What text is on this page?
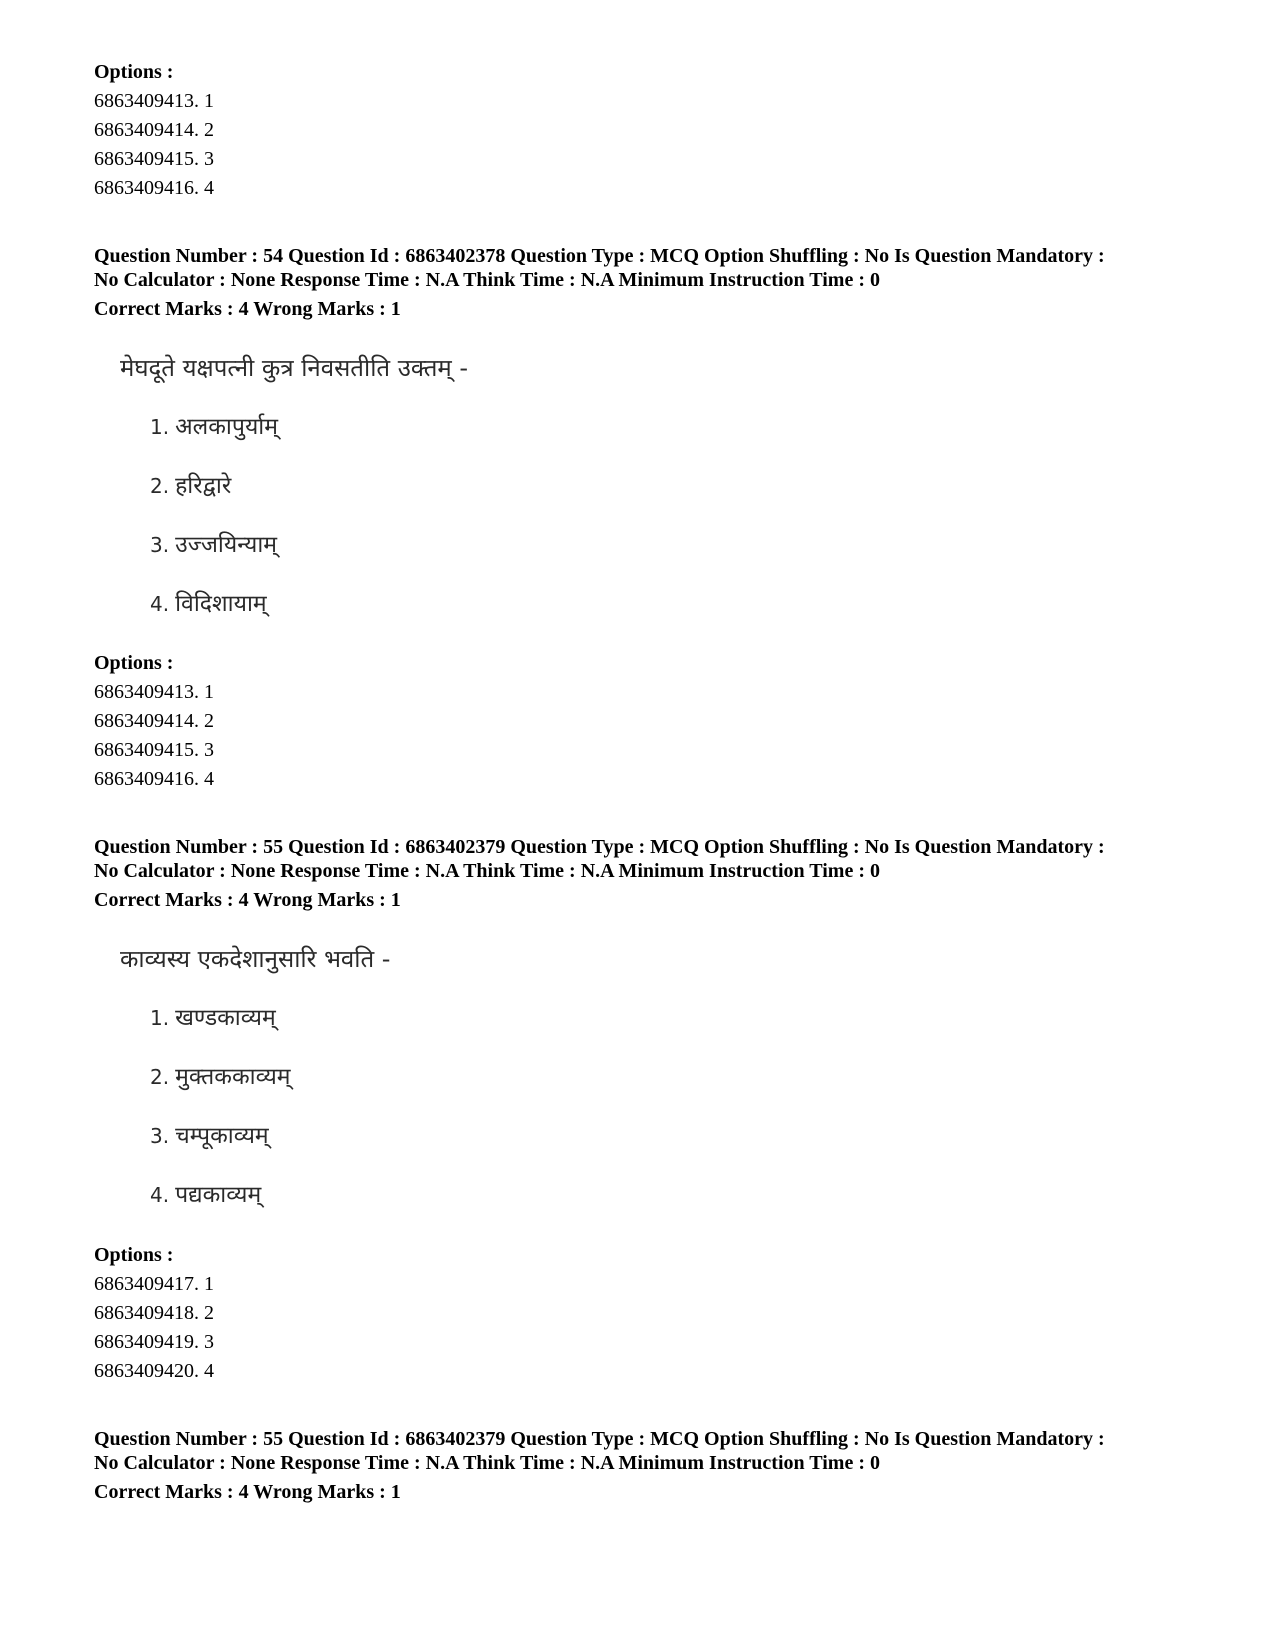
Options :
6863409413. 1
6863409414. 2
6863409415. 3
6863409416. 4
Question Number : 54 Question Id : 6863402378 Question Type : MCQ Option Shuffling : No Is Question Mandatory :
No Calculator : None Response Time : N.A Think Time : N.A Minimum Instruction Time : 0
Correct Marks : 4 Wrong Marks : 1
मेघदूते यक्षपत्नी कुत्र निवसतीति उक्तम् -
1. अलकापुर्याम्
2. हरिद्वारे
3. उज्जयिन्याम्
4. विदिशायाम्
Options :
6863409413. 1
6863409414. 2
6863409415. 3
6863409416. 4
Question Number : 55 Question Id : 6863402379 Question Type : MCQ Option Shuffling : No Is Question Mandatory :
No Calculator : None Response Time : N.A Think Time : N.A Minimum Instruction Time : 0
Correct Marks : 4 Wrong Marks : 1
काव्यस्य एकदेशानुसारि भवति -
1. खण्डकाव्यम्
2. मुक्तककाव्यम्
3. चम्पूकाव्यम्
4. पद्यकाव्यम्
Options :
6863409417. 1
6863409418. 2
6863409419. 3
6863409420. 4
Question Number : 55 Question Id : 6863402379 Question Type : MCQ Option Shuffling : No Is Question Mandatory :
No Calculator : None Response Time : N.A Think Time : N.A Minimum Instruction Time : 0
Correct Marks : 4 Wrong Marks : 1
